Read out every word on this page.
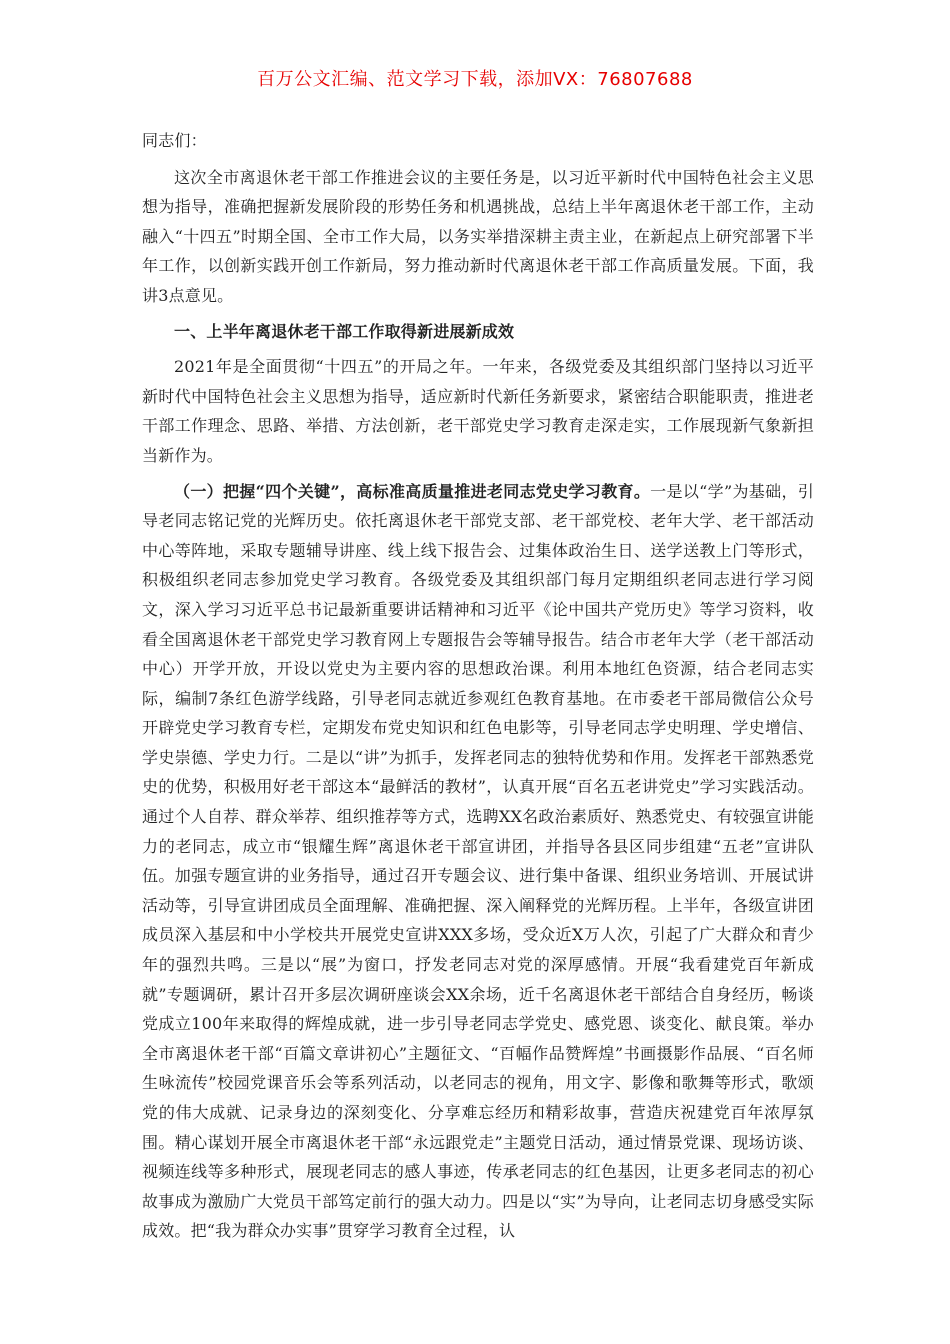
百万公文汇编、范文学习下载，添加VX：76807688

同志们：

这次全市离退休老干部工作推进会议的主要任务是，以习近平新时代中国特色社会主义思想为指导，准确把握新发展阶段的形势任务和机遇挑战，总结上半年离退休老干部工作，主动融入“十四五”时期全国、全市工作大局，以务实举措深耕主责主业，在新起点上研究部署下半年工作，以创新实践开创工作新局，努力推动新时代离退休老干部工作高质量发展。下面，我讲3点意见。

一、上半年离退休老干部工作取得新进展新成效

2021年是全面贯彻“十四五”的开局之年。一年来，各级党委及其组织部门坚持以习近平新时代中国特色社会主义思想为指导，适应新时代新任务新要求，紧密结合职能职责，推进老干部工作理念、思路、举措、方法创新，老干部党史学习教育走深走实，工作展现新气象新担当新作为。

（一）把握“四个关键”，高标准高质量推进老同志党史学习教育。一是以“学”为基础，引导老同志铭记党的光辉历史。依托离退休老干部党支部、老干部党校、老年大学、老干部活动中心等阵地，采取专题辅导讲座、线上线下报告会、过集体政治生日、送学送教上门等形式，积极组织老同志参加党史学习教育。各级党委及其组织部门每月定期组织老同志进行学习阅文，深入学习习近平总书记最新重要讲话精神和习近平《论中国共产党历史》等学习资料，收看全国离退休老干部党史学习教育网上专题报告会等辅导报告。结合市老年大学（老干部活动中心）开学开放，开设以党史为主要内容的思想政治课。利用本地红色资源，结合老同志实际，编制7条红色游学线路，引导老同志就近参观红色教育基地。在市委老干部局微信公众号开辟党史学习教育专栏，定期发布党史知识和红色电影等，引导老同志学史明理、学史增信、学史崇德、学史力行。二是以“讲”为抓手，发挥老同志的独特优势和作用。发挥老干部熟悉党史的优势，积极用好老干部这本“最鲜活的教材”，认真开展“百名五老讲党史”学习实践活动。通过个人自荐、群众举荐、组织推荐等方式，选聘XX名政治素质好、熟悉党史、有较强宣讲能力的老同志，成立市“银耀生辉”离退休老干部宣讲团，并指导各县区同步组建“五老”宣讲队伍。加强专题宣讲的业务指导，通过召开专题会议、进行集中备课、组织业务培训、开展试讲活动等，引导宣讲团成员全面理解、准确把握、深入阐释党的光辉历程。上半年，各级宣讲团成员深入基层和中小学校共开展党史宣讲XXX多场，受众近X万人次，引起了广大群众和青少年的强烈共鸣。三是以“展”为窗口，抒发老同志对党的深厚感情。开展“我看建党百年新成就”专题调研，累计召开多层次调研座谈会XX余场，近千名离退休老干部结合自身经历，畅谈党成立100年来取得的辉煌成就，进一步引导老同志学党史、感党恩、谈变化、献良策。举办全市离退休老干部“百篇文章讲初心”主题征文、“百幅作品赞辉煌”书画摄影作品展、“百名师生咏流传”校园党课音乐会等系列活动，以老同志的视角，用文字、影像和歌舞等形式，歌颂党的伟大成就、记录身边的深刻变化、分享难忘经历和精彩故事，营造庆祝建党百年浓厚氛围。精心谋划开展全市离退休老干部“永远跟党走”主题党日活动，通过情景党课、现场访谈、视频连线等多种形式，展现老同志的感人事迹，传承老同志的红色基因，让更多老同志的初心故事成为激励广大党员干部笃定前行的强大动力。四是以“实”为导向，让老同志切身感受实际成效。把“我为群众办实事”贯穿学习教育全过程，认
